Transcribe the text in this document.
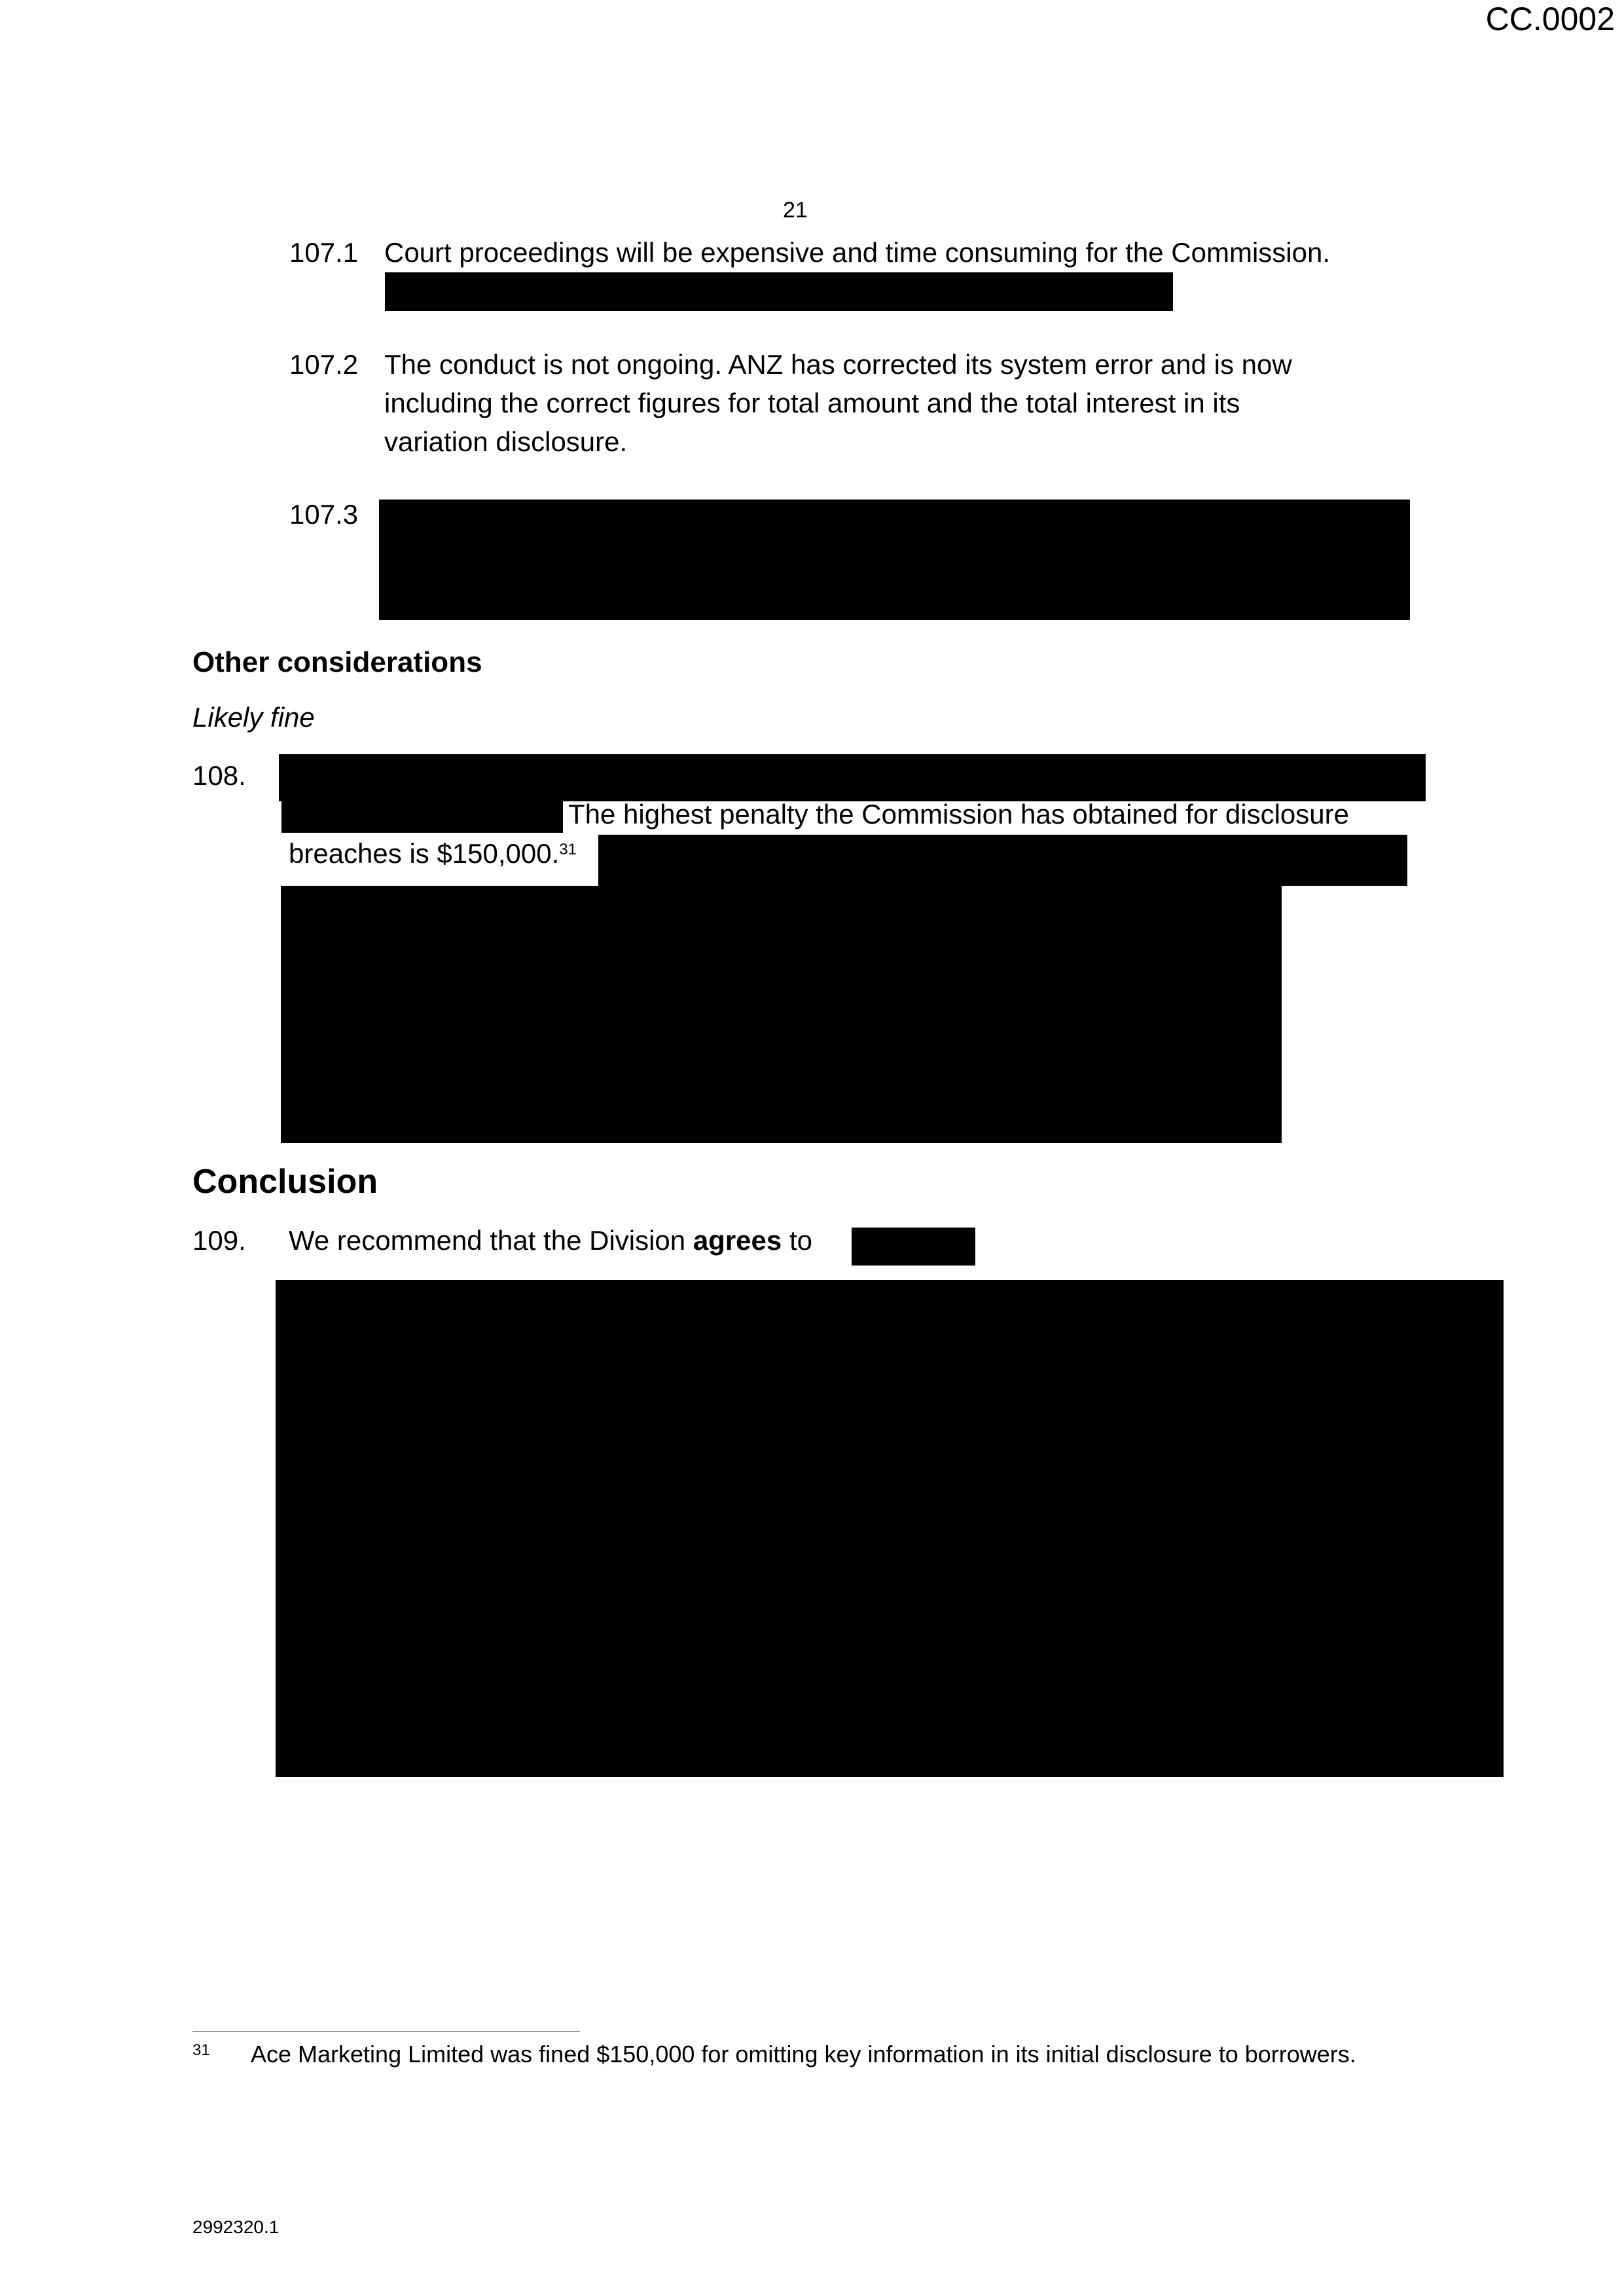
CC.0002
21
107.1 Court proceedings will be expensive and time consuming for the Commission.
107.2 The conduct is not ongoing. ANZ has corrected its system error and is now
including the correct figures for total amount and the total interest in its
variation disclosure.
107.3
Other considerations
Likely fine
108.
The highest penalty the Commission has obtained for disclosure
breaches is $150,000.31
Conclusion
109. We recommend that the Division agrees to
31 Ace Marketing Limited was fined $150,000 for omitting key information in its initial disclosure to borrowers.
2992320.1
